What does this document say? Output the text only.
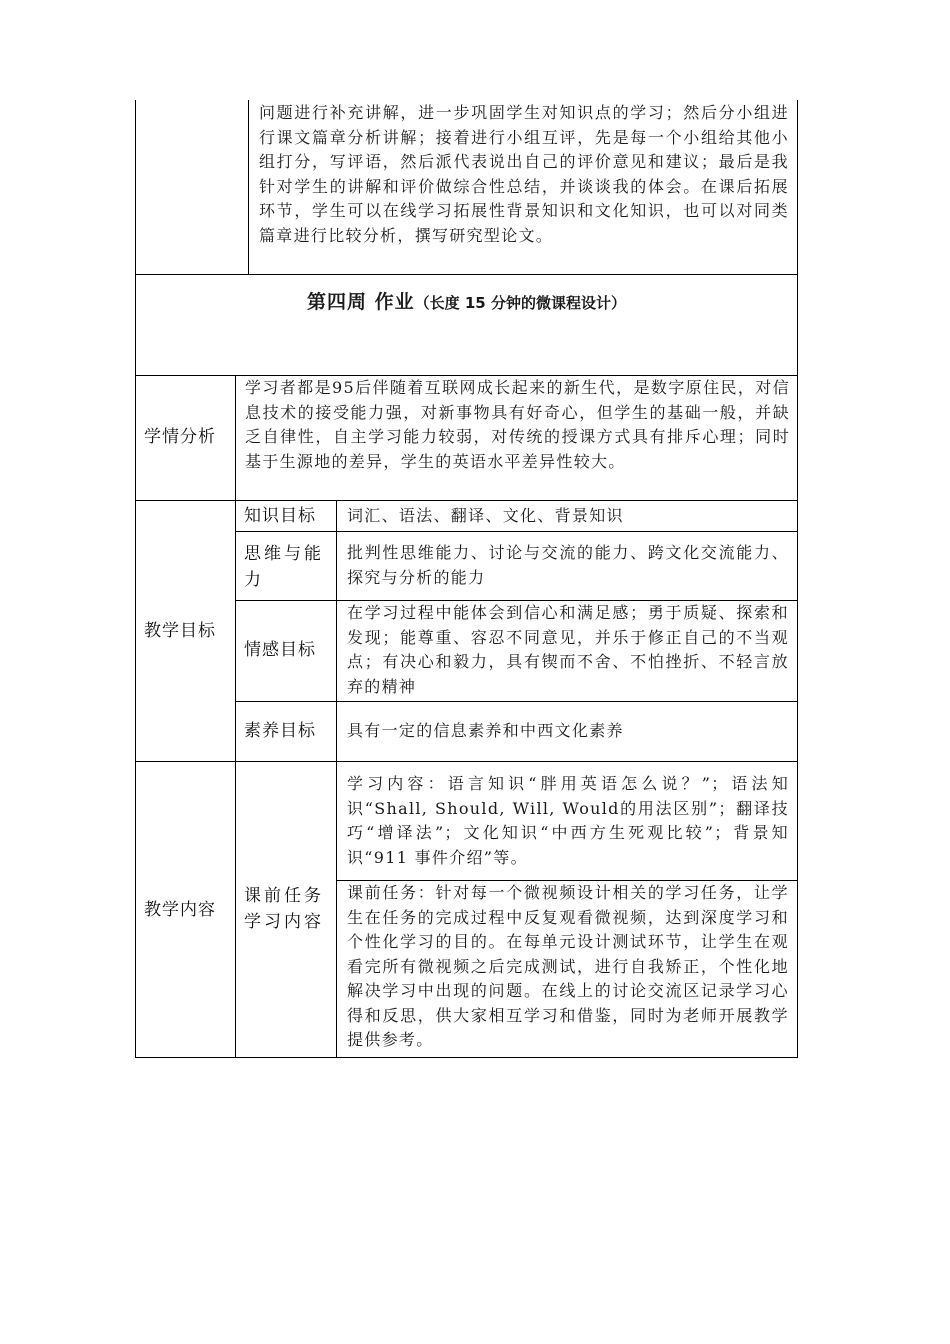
问题进行补充讲解，进一步巩固学生对知识点的学习；然后分小组进行课文篇章分析讲解；接着进行小组互评，先是每一个小组给其他小组打分，写评语，然后派代表说出自己的评价意见和建议；最后是我针对学生的讲解和评价做综合性总结，并谈谈我的体会。在课后拓展环节，学生可以在线学习拓展性背景知识和文化知识，也可以对同类篇章进行比较分析，撰写研究型论文。
第四周 作业（长度 15 分钟的微课程设计）
学情分析
学习者都是95后伴随着互联网成长起来的新生代，是数字原住民，对信息技术的接受能力强，对新事物具有好奇心，但学生的基础一般，并缺乏自律性，自主学习能力较弱，对传统的授课方式具有排斥心理；同时基于生源地的差异，学生的英语水平差异性较大。
教学目标
知识目标 词汇、语法、翻译、文化、背景知识
思维与能力
批判性思维能力、讨论与交流的能力、跨文化交流能力、探究与分析的能力
情感目标
在学习过程中能体会到信心和满足感；勇于质疑、探索和发现；能尊重、容忍不同意见，并乐于修正自己的不当观点；有决心和毅力，具有锲而不舍、不怕挫折、不轻言放弃的精神
素养目标 具有一定的信息素养和中西文化素养
教学内容
课前任务学习内容
学习内容：语言知识“胖用英语怎么说？”；语法知识“Shall, Should, Will, Would的用法区别”；翻译技巧“增译法”；文化知识“中西方生死观比较”；背景知识“911 事件介绍”等。
课前任务：针对每一个微视频设计相关的学习任务，让学生在任务的完成过程中反复观看微视频，达到深度学习和个性化学习的目的。在每单元设计测试环节，让学生在观看完所有微视频之后完成测试，进行自我矫正，个性化地解决学习中出现的问题。在线上的讨论交流区记录学习心得和反思，供大家相互学习和借鉴，同时为老师开展教学提供参考。
